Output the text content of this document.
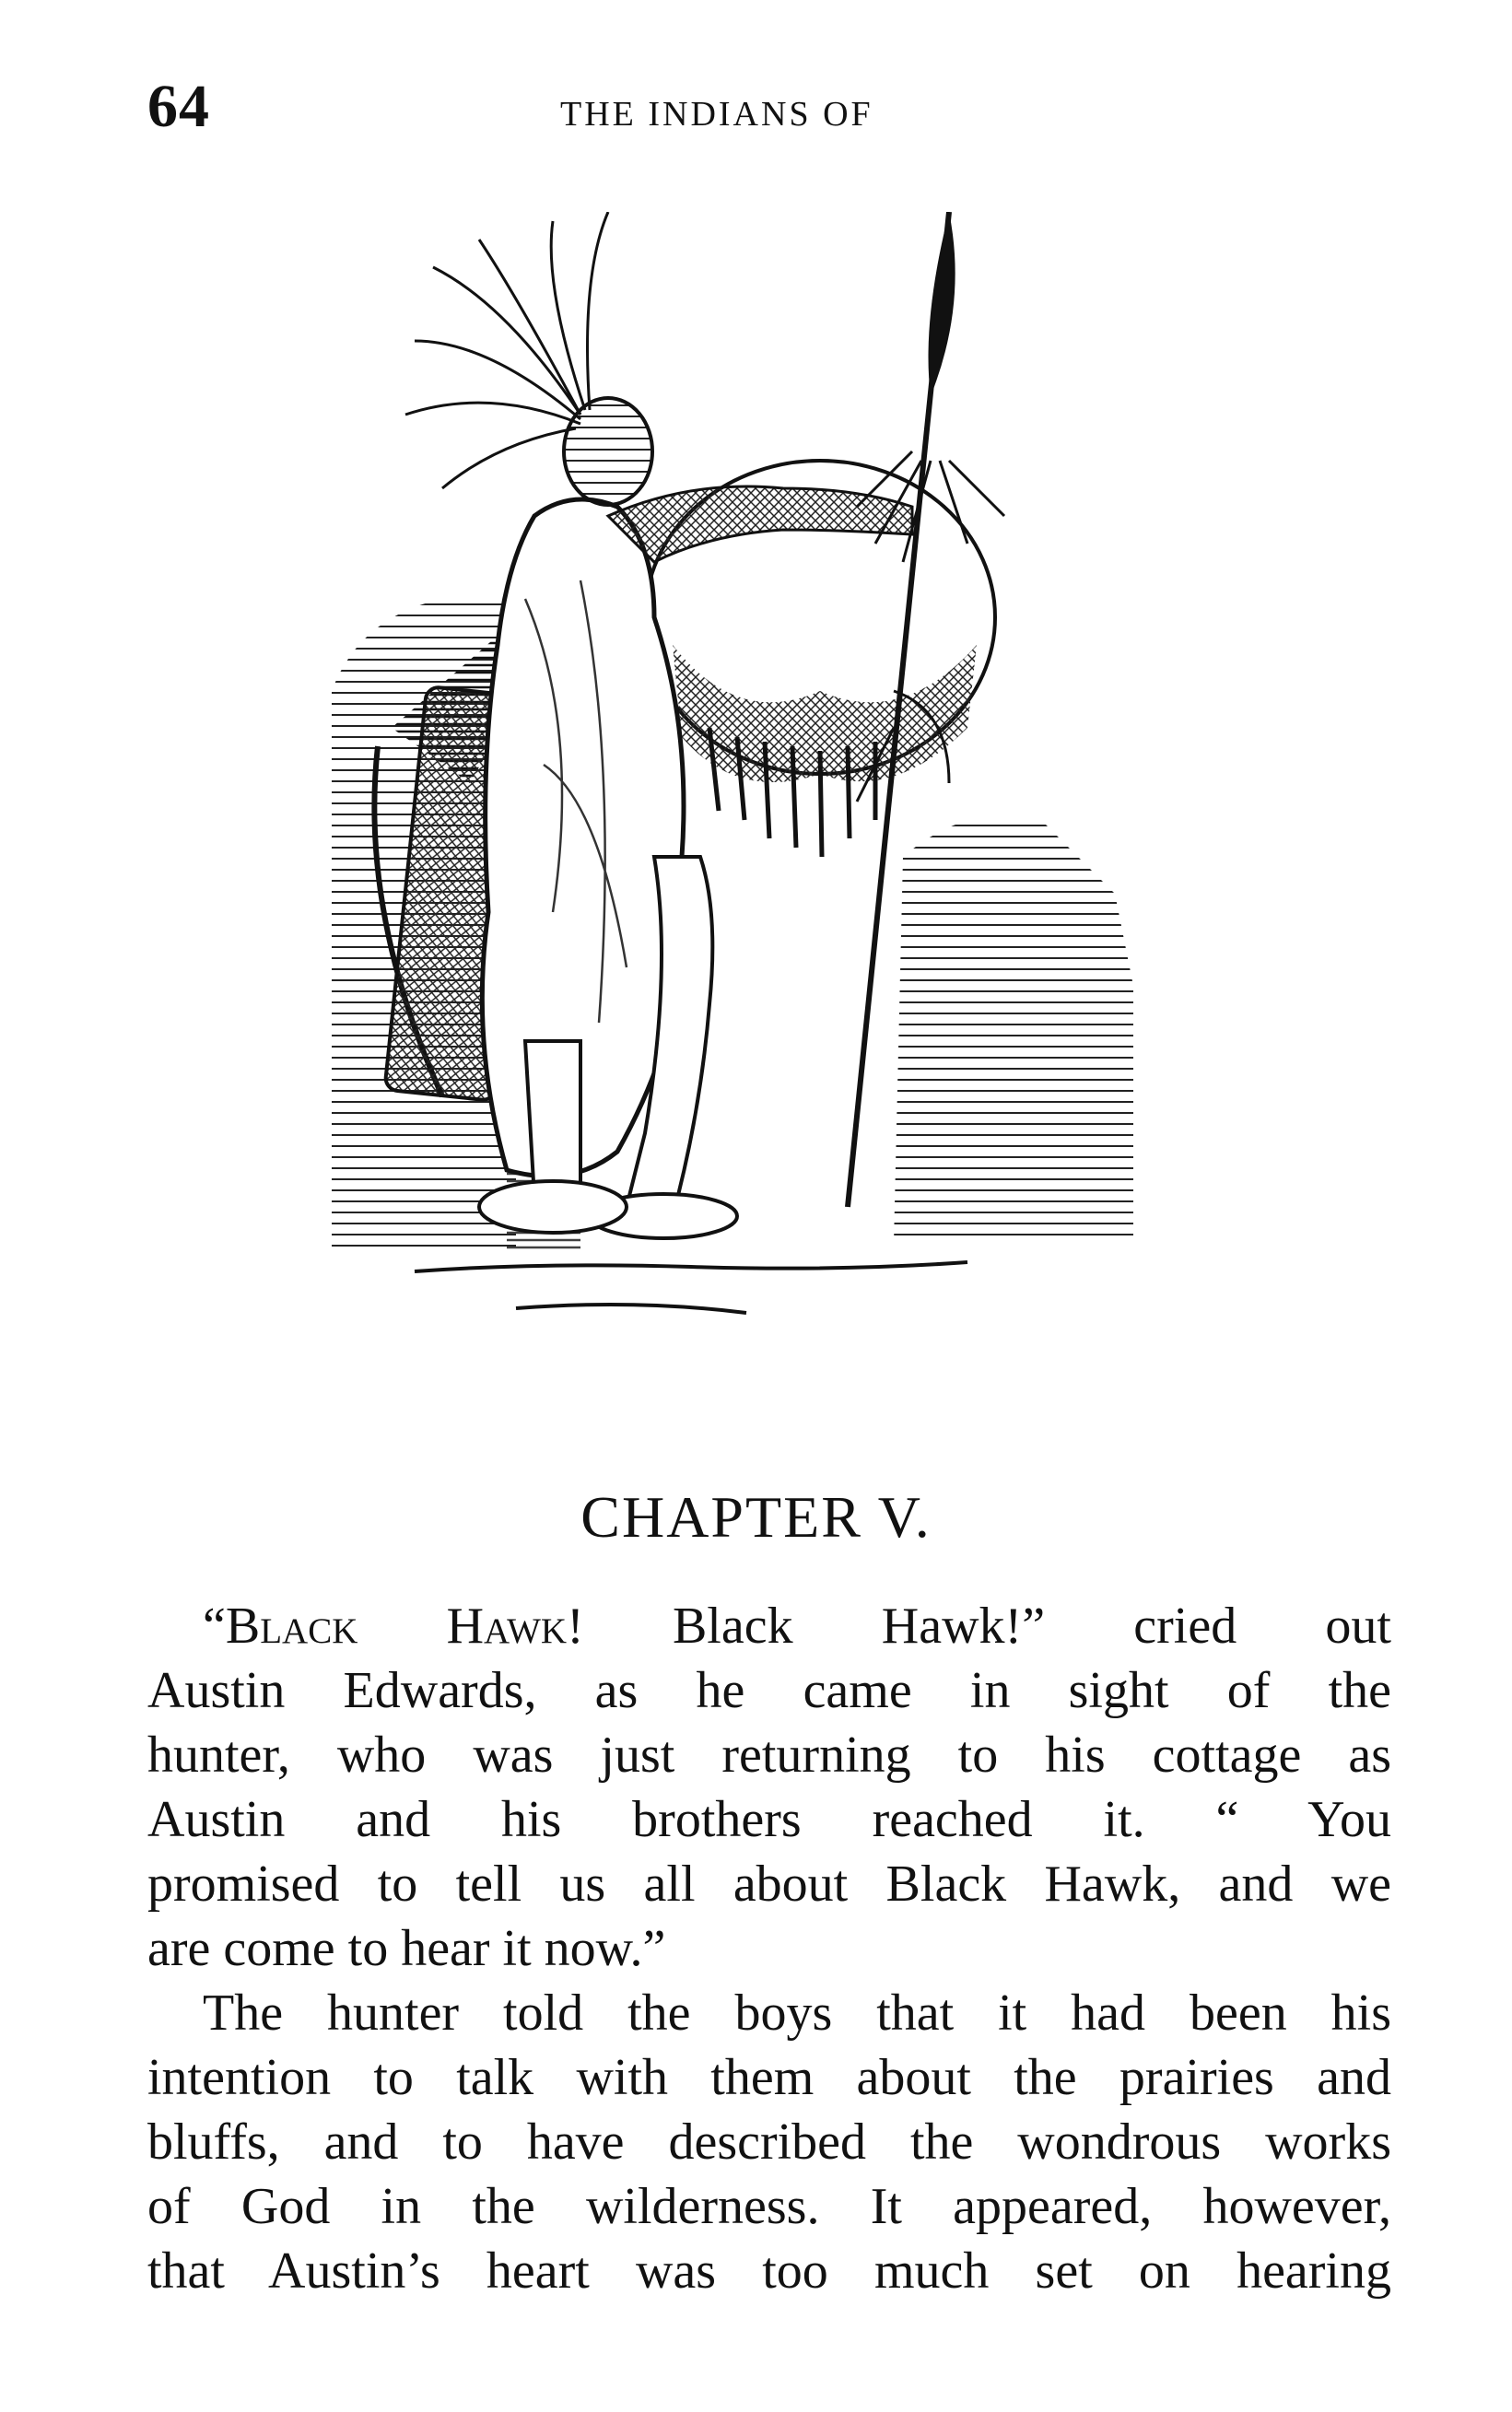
64	THE INDIANS OF
CHAPTER V.
“Black Hawk! Black Hawk!” cried out
Austin Edwards, as he came in sight of the
hunter, who was just returning to his cottage as
Austin and his brothers reached it. “ You
promised to tell us all about Black Hawk, and we
are come to hear it now.”
The hunter told the boys that it had been his
intention to talk with them about the prairies and
bluffs, and to have described the wondrous works
of God in the wilderness. It appeared, however,
that Austin’s heart was too much set on hearing
